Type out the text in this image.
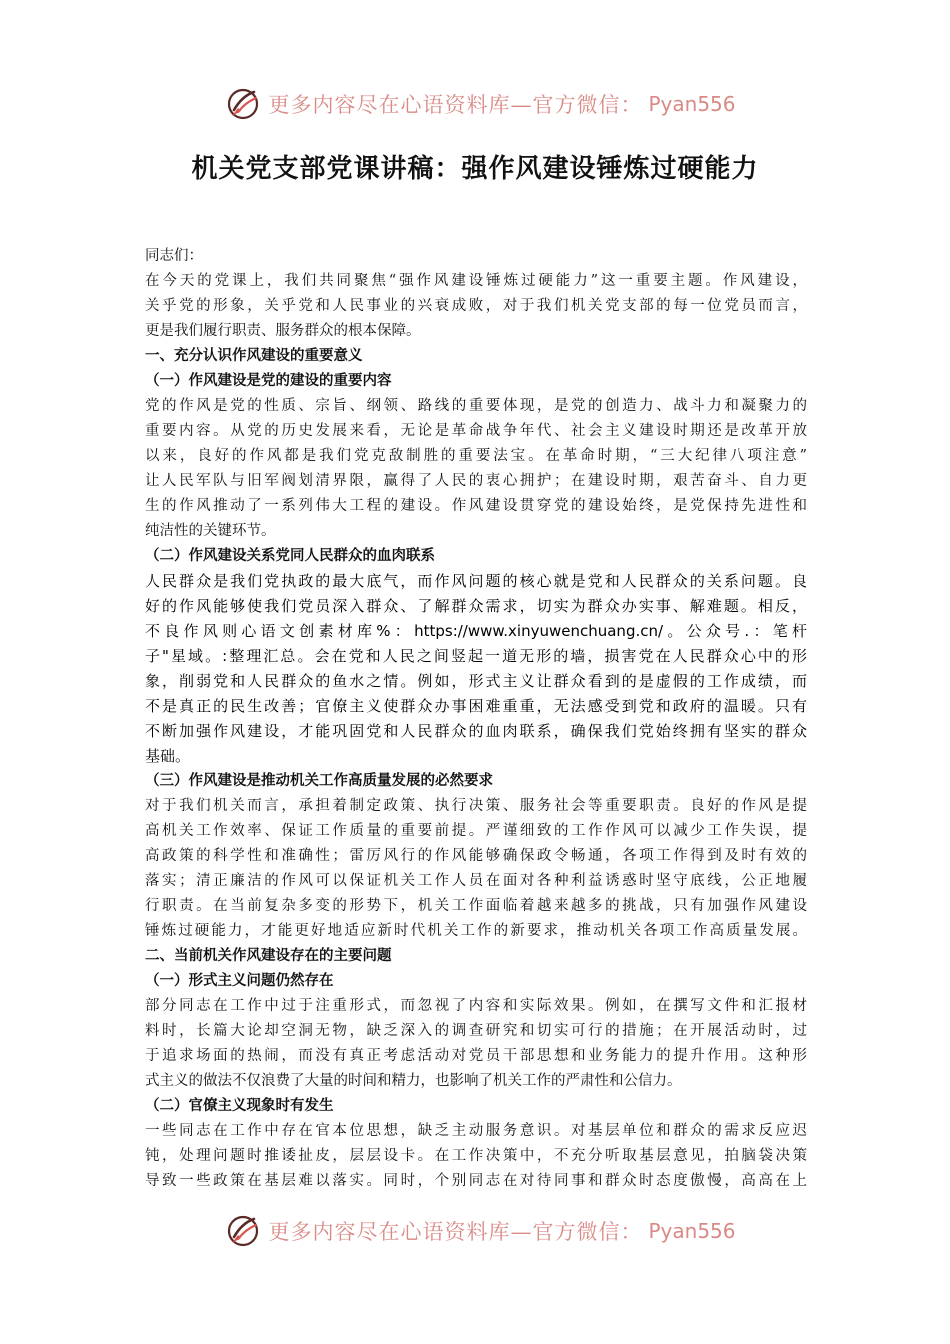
更多内容尽在心语资料库—官方微信： Pyan556
机关党支部党课讲稿：强作风建设锤炼过硬能力
同志们：
在今天的党课上，我们共同聚焦“强作风建设锤炼过硬能力”这一重要主题。作风建设，
关乎党的形象，关乎党和人民事业的兴衰成败，对于我们机关党支部的每一位党员而言，
更是我们履行职责、服务群众的根本保障。
一、充分认识作风建设的重要意义
（一）作风建设是党的建设的重要内容
党的作风是党的性质、宗旨、纲领、路线的重要体现，是党的创造力、战斗力和凝聚力的
重要内容。从党的历史发展来看，无论是革命战争年代、社会主义建设时期还是改革开放
以来，良好的作风都是我们党克敌制胜的重要法宝。在革命时期，“三大纪律八项注意”
让人民军队与旧军阀划清界限，赢得了人民的衷心拥护；在建设时期，艰苦奋斗、自力更
生的作风推动了一系列伟大工程的建设。作风建设贯穿党的建设始终，是党保持先进性和
纯洁性的关键环节。
（二）作风建设关系党同人民群众的血肉联系
人民群众是我们党执政的最大底气，而作风问题的核心就是党和人民群众的关系问题。良
好的作风能够使我们党员深入群众、了解群众需求，切实为群众办实事、解难题。相反，
不良作风则心语文创素材库%：https://www.xinyuwenchuang.cn/。公众号.：笔杆
子"星域。:整理汇总。会在党和人民之间竖起一道无形的墙，损害党在人民群众心中的形
象，削弱党和人民群众的鱼水之情。例如，形式主义让群众看到的是虚假的工作成绩，而
不是真正的民生改善；官僚主义使群众办事困难重重，无法感受到党和政府的温暖。只有
不断加强作风建设，才能巩固党和人民群众的血肉联系，确保我们党始终拥有坚实的群众
基础。
（三）作风建设是推动机关工作高质量发展的必然要求
对于我们机关而言，承担着制定政策、执行决策、服务社会等重要职责。良好的作风是提
高机关工作效率、保证工作质量的重要前提。严谨细致的工作作风可以减少工作失误，提
高政策的科学性和准确性；雷厉风行的作风能够确保政令畅通，各项工作得到及时有效的
落实；清正廉洁的作风可以保证机关工作人员在面对各种利益诱惑时坚守底线，公正地履
行职责。在当前复杂多变的形势下，机关工作面临着越来越多的挑战，只有加强作风建设
锤炼过硬能力，才能更好地适应新时代机关工作的新要求，推动机关各项工作高质量发展。
二、当前机关作风建设存在的主要问题
（一）形式主义问题仍然存在
部分同志在工作中过于注重形式，而忽视了内容和实际效果。例如，在撰写文件和汇报材
料时，长篇大论却空洞无物，缺乏深入的调查研究和切实可行的措施；在开展活动时，过
于追求场面的热闹，而没有真正考虑活动对党员干部思想和业务能力的提升作用。这种形
式主义的做法不仅浪费了大量的时间和精力，也影响了机关工作的严肃性和公信力。
（二）官僚主义现象时有发生
一些同志在工作中存在官本位思想，缺乏主动服务意识。对基层单位和群众的需求反应迟
钝，处理问题时推诿扯皮，层层设卡。在工作决策中，不充分听取基层意见，拍脑袋决策
导致一些政策在基层难以落实。同时，个别同志在对待同事和群众时态度傲慢，高高在上
更多内容尽在心语资料库—官方微信： Pyan556
